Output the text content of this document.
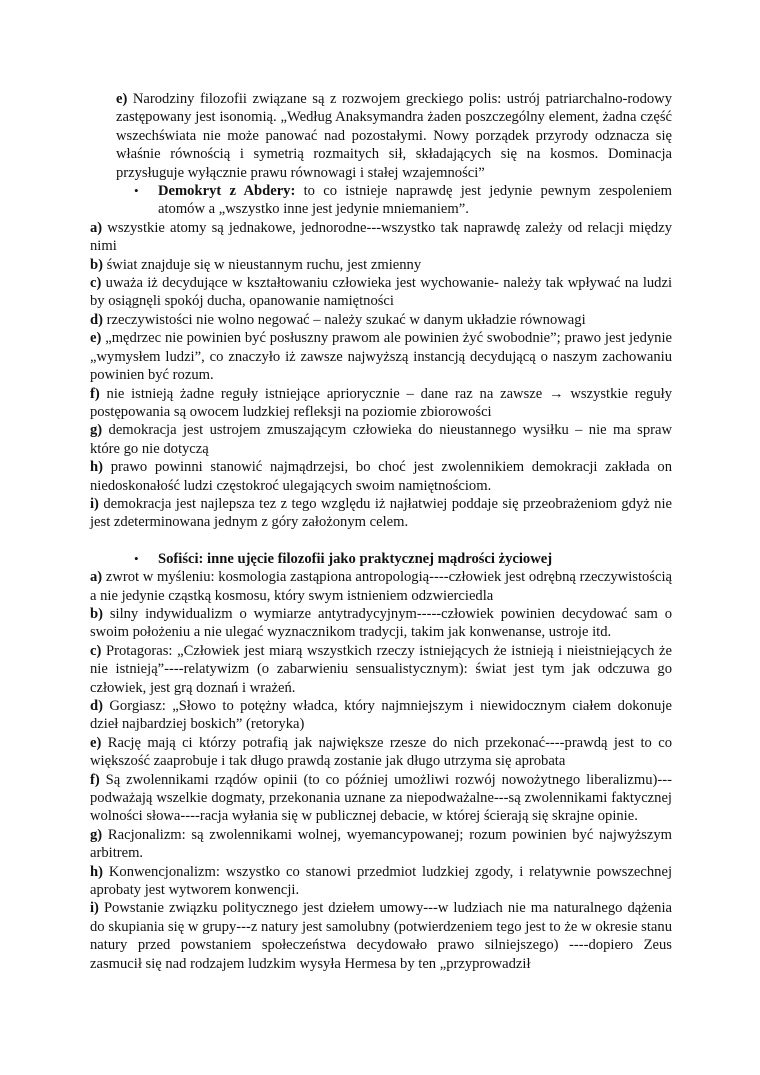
e) Narodziny filozofii związane są z rozwojem greckiego polis: ustrój patriarchalno-rodowy zastępowany jest isonomią. „Według Anaksymandra żaden poszczególny element, żadna część wszechświata nie może panować nad pozostałymi. Nowy porządek przyrody odznacza się właśnie równością i symetrią rozmaitych sił, składających się na kosmos. Dominacja przysługuje wyłącznie prawu równowagi i stałej wzajemności”

•	Demokryt z Abdery: to co istnieje naprawdę jest jedynie pewnym zespoleniem atomów a „wszystko inne jest jedynie mniemaniem”.

a) wszystkie atomy są jednakowe, jednorodne---wszystko tak naprawdę zależy od relacji między nimi

b) świat znajduje się w nieustannym ruchu, jest zmienny

c) uważa iż decydujące w kształtowaniu człowieka jest wychowanie- należy tak wpływać na ludzi by osiągnęli spokój ducha, opanowanie namiętności

d) rzeczywistości nie wolno negować – należy szukać w danym układzie równowagi

e) „mędrzec nie powinien być posłuszny prawom ale powinien żyć swobodnie”; prawo jest jedynie „wymysłem ludzi”, co znaczyło iż zawsze najwyższą instancją decydującą o naszym zachowaniu powinien być rozum.

f) nie istnieją żadne reguły istniejące apriorycznie – dane raz na zawsze → wszystkie reguły postępowania są owocem ludzkiej refleksji na poziomie zbiorowości

g) demokracja jest ustrojem zmuszającym człowieka do nieustannego wysiłku – nie ma spraw które go nie dotyczą

h) prawo powinni stanowić najmądrzejsi, bo choć jest zwolennikiem demokracji zakłada on niedoskonałość ludzi częstokroć ulegających swoim namiętnościom.

i) demokracja jest najlepsza tez z tego względu iż najłatwiej poddaje się przeobrażeniom gdyż nie jest zdeterminowana jednym z góry założonym celem.

•	Sofiści: inne ujęcie filozofii jako praktycznej mądrości życiowej

a) zwrot w myśleniu: kosmologia zastąpiona antropologią----człowiek jest odrębną rzeczywistością a nie jedynie cząstką kosmosu, który swym istnieniem odzwierciedla

b) silny indywidualizm o wymiarze antytradycyjnym-----człowiek powinien decydować sam o swoim położeniu a nie ulegać wyznacznikom tradycji, takim jak konwenanse, ustroje itd.

c) Protagoras: „Człowiek jest miarą wszystkich rzeczy istniejących że istnieją i nieistniejących że nie istnieją”----relatywizm (o zabarwieniu sensualistycznym): świat jest tym jak odczuwa go człowiek, jest grą doznań i wrażeń.

d) Gorgiasz: „Słowo to potężny władca, który najmniejszym i niewidocznym ciałem dokonuje dzieł najbardziej boskich” (retoryka)

e) Rację mają ci którzy potrafią jak największe rzesze do nich przekonać----prawdą jest to co większość zaaprobuje i tak długo prawdą zostanie jak długo utrzyma się aprobata

f) Są zwolennikami rządów opinii (to co później umożliwi rozwój nowożytnego liberalizmu)---podważają wszelkie dogmaty, przekonania uznane za niepodważalne---są zwolennikami faktycznej wolności słowa----racja wyłania się w publicznej debacie, w której ścierają się skrajne opinie.

g) Racjonalizm: są zwolennikami wolnej, wyemancypowanej; rozum powinien być najwyższym arbitrem.

h) Konwencjonalizm: wszystko co stanowi przedmiot ludzkiej zgody, i relatywnie powszechnej aprobaty jest wytworem konwencji.

i) Powstanie związku politycznego jest dziełem umowy---w ludziach nie ma naturalnego dążenia do skupiania się w grupy---z natury jest samolubny (potwierdzeniem tego jest to że w okresie stanu natury przed powstaniem społeczeństwa decydowało prawo silniejszego) ----dopiero Zeus zasmucił się nad rodzajem ludzkim wysyła Hermesa by ten „przyprowadził
